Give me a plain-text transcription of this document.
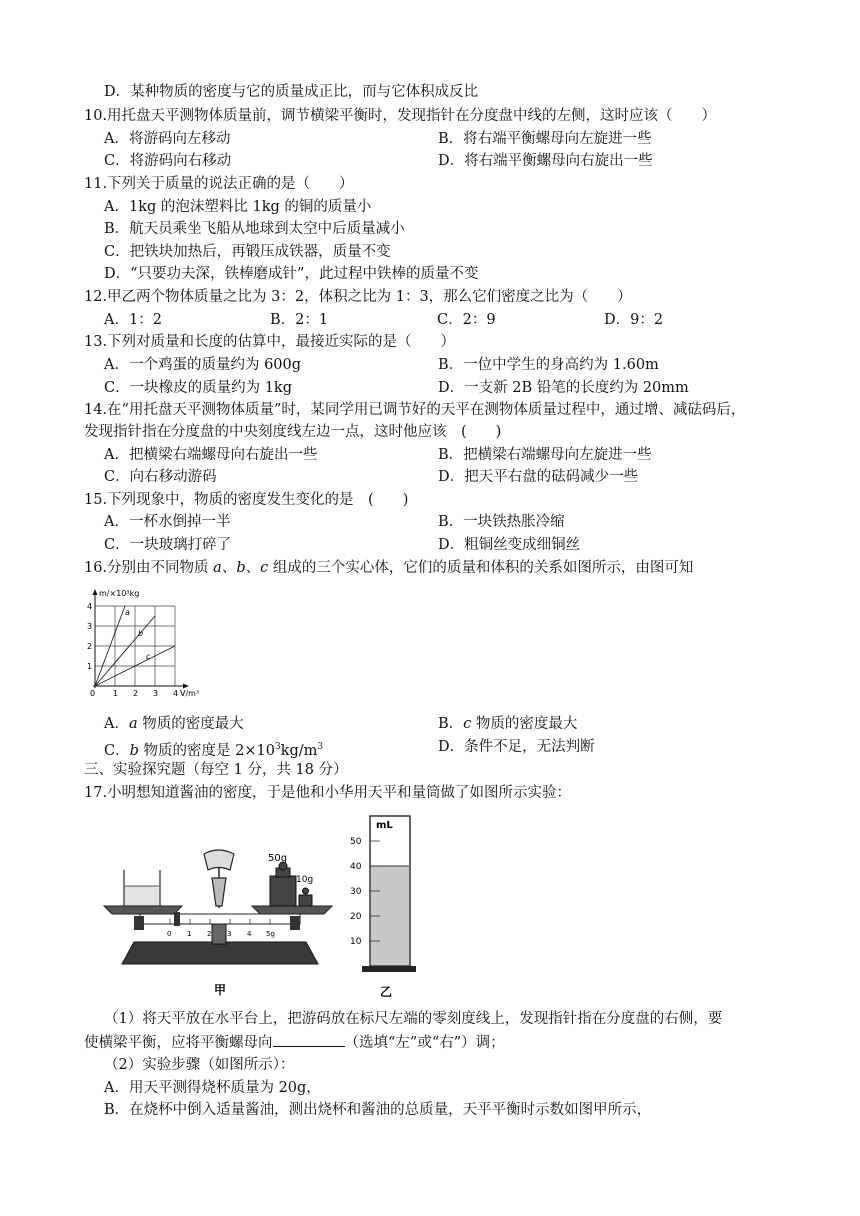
D．某种物质的密度与它的质量成正比，而与它体积成反比
10.用托盘天平测物体质量前，调节横梁平衡时，发现指针在分度盘中线的左侧，这时应该（　　）
A．将游码向左移动	B．将右端平衡螺母向左旋进一些
C．将游码向右移动	D．将右端平衡螺母向右旋出一些
11.下列关于质量的说法正确的是（　　）
A．1kg 的泡沫塑料比 1kg 的铜的质量小
B．航天员乘坐飞船从地球到太空中后质量减小
C．把铁块加热后，再锻压成铁器，质量不变
D．“只要功夫深，铁棒磨成针”，此过程中铁棒的质量不变
12.甲乙两个物体质量之比为 3：2，体积之比为 1：3，那么它们密度之比为（　　）
A．1：2	B．2：1	C．2：9	D．9：2
13.下列对质量和长度的估算中，最接近实际的是（　　）
A．一个鸡蛋的质量约为 600g	B．一位中学生的身高约为 1.60m
C．一块橡皮的质量约为 1kg	D．一支新 2B 铅笔的长度约为 20mm
14.在“用托盘天平测物体质量”时，某同学用已调节好的天平在测物体质量过程中，通过增、减砝码后，
发现指针指在分度盘的中央刻度线左边一点，这时他应该　(　　)
A．把横梁右端螺母向右旋出一些	B．把横梁右端螺母向左旋进一些
C．向右移动游码	D．把天平右盘的砝码减少一些
15.下列现象中，物质的密度发生变化的是　(　　)
A．一杯水倒掉一半	B．一块铁热胀冷缩
C．一块玻璃打碎了	D．粗铜丝变成细铜丝
16.分别由不同物质 a、b、c 组成的三个实心体，它们的质量和体积的关系如图所示，由图可知
m/×10³kg
V/m³
0
1
2
3
4
1 2 3 4
a
b
c
A．a 物质的密度最大	B．c 物质的密度最大
C．b 物质的密度是 $2\times 10^3kg/m^3$	D．条件不足，无法判断
三、实验探究题（每空 1 分，共 18 分）
17.小明想知道酱油的密度，于是他和小华用天平和量筒做了如图所示实验：
50g
10g
0 1 2 3 4 5g
甲
mL
10
20
30
40
50
乙
（1）将天平放在水平台上，把游码放在标尺左端的零刻度线上，发现指针指在分度盘的右侧，要
使横梁平衡，应将平衡螺母向	（选填“左”或“右”）调；
（2）实验步骤（如图所示）：
A．用天平测得烧杯质量为 20g，
B．在烧杯中倒入适量酱油，测出烧杯和酱油的总质量，天平平衡时示数如图甲所示，
